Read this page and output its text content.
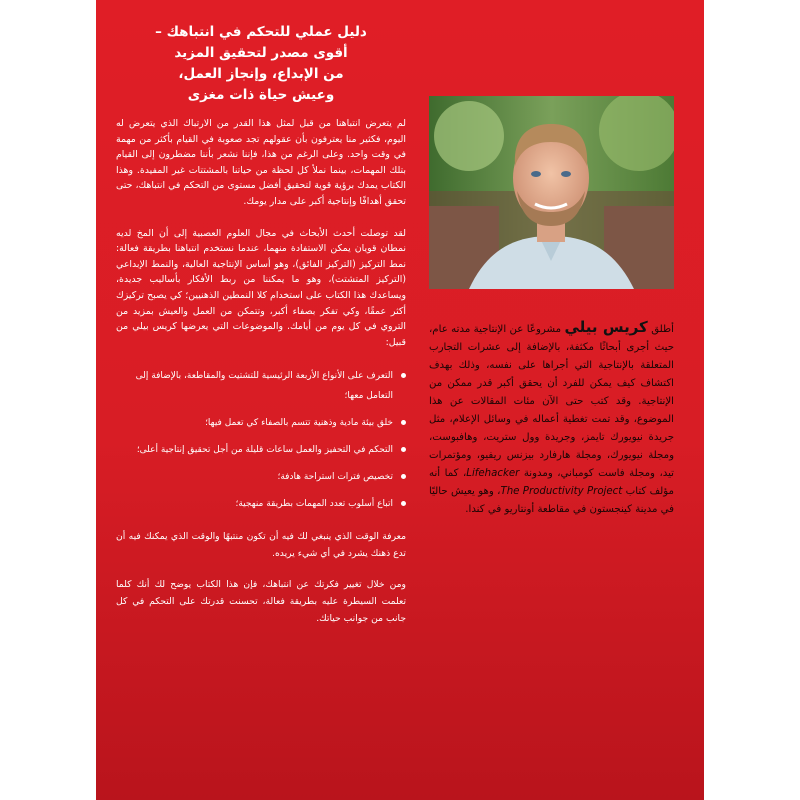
دليل عملي للتحكم في انتباهك –
أقوى مصدر لتحقيق المزيد
من الإبداع، وإنجاز العمل،
وعيش حياة ذات مغزى

لم يتعرض انتباهنا من قبل لمثل هذا القدر من الارتباك الذي يتعرض له اليوم، فكثير منا يعترفون بأن عقولهم تجد صعوبة في القيام بأكثر من مهمة في وقت واحد. وعلى الرغم من هذا، فإننا نشعر بأننا مضطرون إلى القيام بتلك المهمات، بينما نملأ كل لحظة من حياتنا بالمشتتات غير المفيدة. وهذا الكتاب يمدك برؤية قوية لتحقيق أفضل مستوى من التحكم في انتباهك، حتى تحقق أهدافًا وإنتاجية أكبر على مدار يومك.

لقد توصلت أحدث الأبحاث في مجال العلوم العصبية إلى أن المخ لديه نمطان قويان يمكن الاستفادة منهما، عندما نستخدم انتباهنا بطريقة فعالة: نمط التركيز (التركيز الفائق)، وهو أساس الإنتاجية العالية، والنمط الإبداعي (التركيز المتشتت)، وهو ما يمكننا من ربط الأفكار بأساليب جديدة، ويساعدك هذا الكتاب على استخدام كلا النمطين الذهنيين؛ كي يصبح تركيزك أكثر عمقًا، وكي تفكر بصفاء أكبر، وتتمكن من العمل والعيش بمزيد من التروي في كل يوم من أيامك. والموضوعات التي يعرضها كريس بيلي من قبيل:

التعرف على الأنواع الأربعة الرئيسية للتشتيت والمقاطعة، بالإضافة إلى التعامل معها؛
خلق بيئة مادية وذهنية تتسم بالصفاء كي تعمل فيها؛
التحكم في التحفيز والعمل ساعات قليلة من أجل تحقيق إنتاجية أعلى؛
تخصيص فترات استراحة هادفة؛
اتباع أسلوب تعدد المهمات بطريقة منهجية؛

معرفة الوقت الذي ينبغي لك فيه أن تكون منتبهًا والوقت الذي يمكنك فيه أن تدع ذهنك يشرد في أي شيء يريده.

ومن خلال تغيير فكرتك عن انتباهك، فإن هذا الكتاب يوضح لك أنك كلما تعلمت السيطرة عليه بطريقة فعالة، تحسنت قدرتك على التحكم في كل جانب من جوانب حياتك.

أطلق كريس بيلي مشروعًا عن الإنتاجية مدته عام، حيث أجرى أبحاثًا مكثفة، بالإضافة إلى عشرات التجارب المتعلقة بالإنتاجية التي أجراها على نفسه، وذلك بهدف اكتشاف كيف يمكن للفرد أن يحقق أكبر قدر ممكن من الإنتاجية. وقد كتب حتى الآن مئات المقالات عن هذا الموضوع، وقد تمت تغطية أعماله في وسائل الإعلام، مثل جريدة نيويورك تايمز، وجريدة وول ستريت، وهافبوست، ومجلة نيويورك، ومجلة هارفارد بيزنس ريفيو، ومؤتمرات تيد، ومجلة فاست كومباني، ومدونة Lifehacker، كما أنه مؤلف كتاب The Productivity Project، وهو يعيش حاليًا في مدينة كينجستون في مقاطعة أونتاريو في كندا.
